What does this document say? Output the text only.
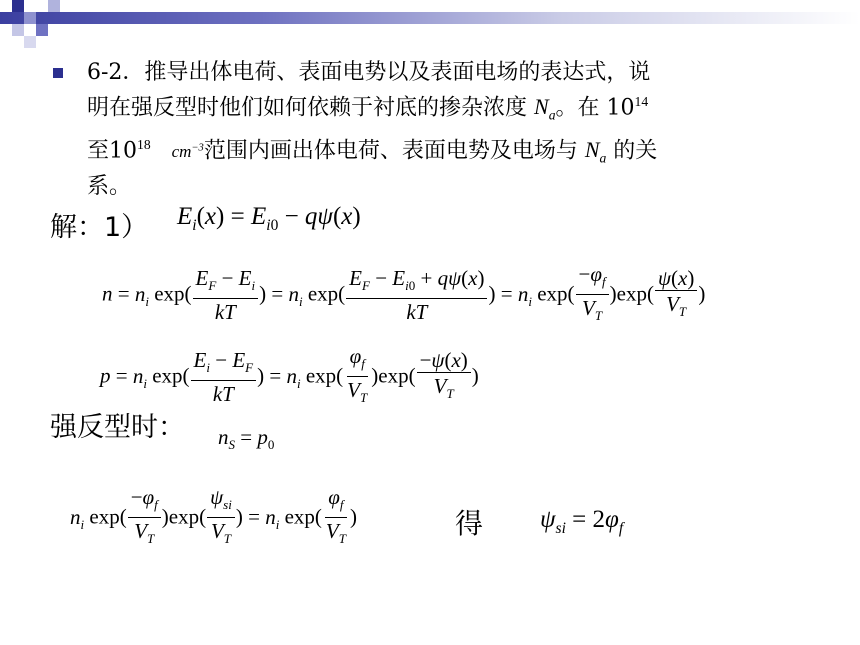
6-2．推导出体电荷、表面电势以及表面电场的表达式，说
明在强反型时他们如何依赖于衬底的掺杂浓度 $N_a$。在 $10^{14}$
至$10^{18}$ $cm^{-3}$范围内画出体电荷、表面电势及电场与 $N_a$ 的关
系。
解：1） $E_i(x) = E_{i0} - q\psi(x)$
$n = n_i$ $\exp( \frac{E_F - E_i}{kT}$ ) = $n_i$ $\exp( \frac{E_F - E_{i0} + q\psi(x)}{kT}$ ) = $n_i$ $\exp( \frac{-\varphi_f}{V_T} )\exp( \frac{\psi(x)}{V_T}$ )
$p = n_i$ $\exp( \frac{E_i - E_F}{kT}$ ) = $n_i$ $\exp( \frac{\varphi_f}{V_T} )\exp( \frac{-\psi(x)}{V_T}$ )
强反型时： $n_S = p_0$
$n_i$ $\exp( \frac{-\varphi_f}{V_T} )\exp( \frac{\psi_{si}}{V_T}$ ) = $n_i$ $\exp( \frac{\varphi_f}{V_T}$ )	得 $\psi_{si} = 2\varphi_f$
